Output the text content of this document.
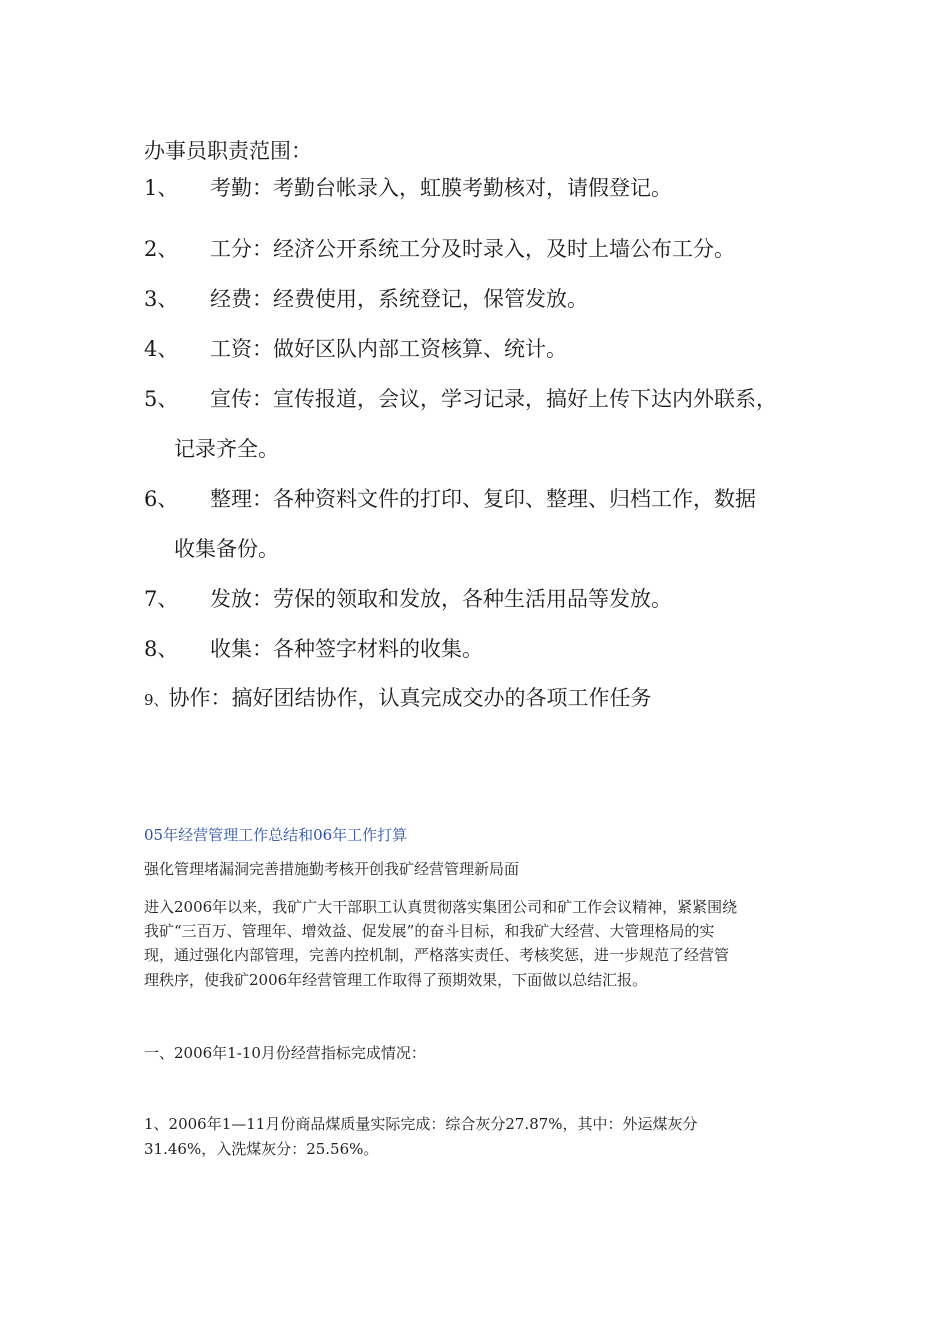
办事员职责范围：
1、 考勤：考勤台帐录入，虹膜考勤核对，请假登记。
2、 工分：经济公开系统工分及时录入，及时上墙公布工分。
3、 经费：经费使用，系统登记，保管发放。
4、 工资：做好区队内部工资核算、统计。
5、 宣传：宣传报道，会议，学习记录，搞好上传下达内外联系，
记录齐全。
6、 整理：各种资料文件的打印、复印、整理、归档工作，数据
收集备份。
7、 发放：劳保的领取和发放，各种生活用品等发放。
8、 收集：各种签字材料的收集。
9、协作：搞好团结协作，认真完成交办的各项工作任务
05年经营管理工作总结和06年工作打算
强化管理堵漏洞完善措施勤考核开创我矿经营管理新局面
进入2006年以来，我矿广大干部职工认真贯彻落实集团公司和矿工作会议精神，紧紧围绕
我矿“三百万、管理年、增效益、促发展”的奋斗目标，和我矿大经营、大管理格局的实
现，通过强化内部管理，完善内控机制，严格落实责任、考核奖惩，进一步规范了经营管
理秩序，使我矿2006年经营管理工作取得了预期效果，下面做以总结汇报。
一、2006年1-10月份经营指标完成情况：
1、2006年1—11月份商品煤质量实际完成：综合灰分27.87%，其中：外运煤灰分
31.46%，入洗煤灰分：25.56%。
